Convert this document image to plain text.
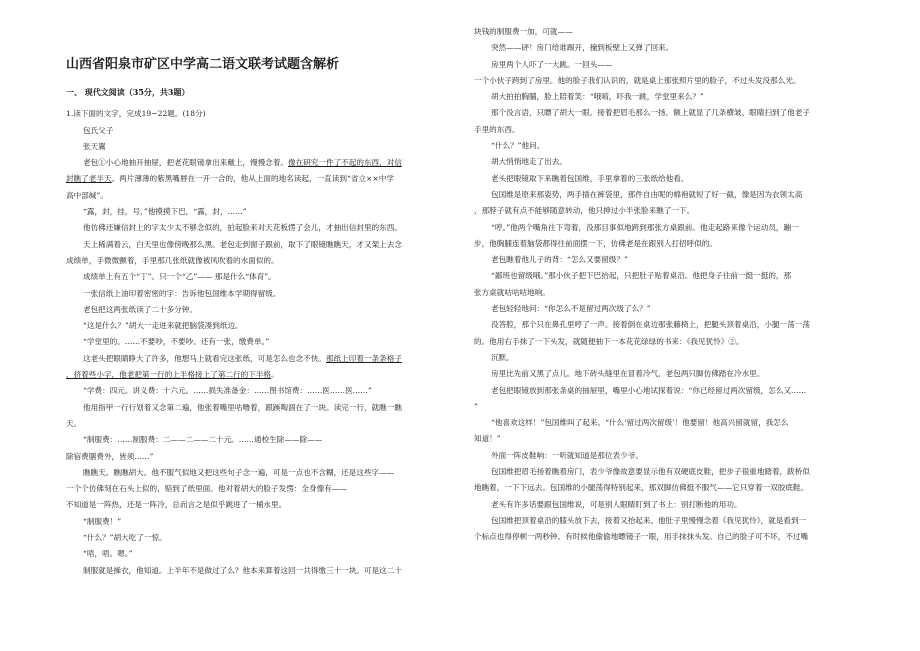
山西省阳泉市矿区中学高二语文联考试题含解析
一、 现代文阅读（35分，共3题）
1.读下面的文字，完成19~22题。(18分)
包氏父子
张天翼
老包①小心地抽开抽屉，把老花眼镜拿出来戴上，慢慢念着。像在研究一件了不起的东西，对信
封瞧了老半天。两片薄薄的紫黑嘴唇在一开一合的，他从上面的地名读起，一直读到“省立××中学
高中部缄”。
“露，封，挂，号，”他摸摸下巴，“露，封，……”
他仿佛还嫌信封上的字太少太不够念似的，拍起脸来对天花板愣了会儿，才抽出信封里的东西。
天上稀满着云，白天里也像傍晚那么黑。老包走到窗子跟前，取下了眼镜瞧瞧天，才又架上去念
成绩单，手微微颤着，手里那几张纸就像被风吹着的水面似的。
成绩单上有五个“丁”。只一个“乙”—— 那是什么“体育”。
一张信纸上油印着密密的字：告诉他包国维本学期得留级。
老包把这两张纸读了二十多分钟。
“这是什么？”胡大一走进来就把脑袋凑到纸边。
“学堂里的。……不要吵，不要吵。还有一张，缴费单。”
这老头把眼睛睁大了许多，他想马上就看完这张纸，可是怎么也念不快。那纸上印着一条条格子
，挤着些小字，他老把第一行的上半格接上了第二行的下半格。
“学费：四元。讲义费：十六元。……损失准备金：……图书馆费：……医……医……”
他用指甲一行行划着又念第二遍，他张着嘴里咕噜着，跟蹊啕涸在了一块。读完一行，就瞧一瞧
天。
“制服费：……制服费：二——二——二十元。……通校生除——除——
除宿费膳费外，皆须……”
瞧瞧天。瞧瞧胡大。他不服气似地又把这些句子念一遍，可是一点也不含糊，还是这些字——
一个个仿佛刻在石头上似的，赔到了纸里面。他对着胡大的脸子发愣：全身像有——
不知道是一阵热，还是一阵冷，总而言之是似乎跳进了一桶水里。
“制服费！”
“什么？”胡大吃了一惊。
“唔，唔。嗯。”
制服就是操衣，他知道。上半年不是做过了么？他本来算着这回一共得缴三十一块。可是这二十
块钱的制服费一加，可就——
突然——砰！房门给谁踢开，撞到板壁上又弹了回来。
房里两个人吓了一大跳。一回头——
一个小伙子跨到了房里。他的脸子我们认识的，就是桌上那张照片里的脸子，不过头发没那么光。
胡大拍拍胸脯，脸上陪着笑：“哦唷，吓我一跳，学堂里来么？”
那个没言语，只瞟了胡大一眼。接着把眉毛那么一扬，额上就显了几条横皱，眼睛扫到了他老子
手里的东西。
“什么？”他问。
胡大悄悄地走了出去。
老头把眼镜取下来瞧着包国维，手里拿着的三张纸给他看。
包国维是原来那姿势，两手插在裤袋里，那件自由呢的棉袍就短了好一截，像是因为衣领太高
，那脖子就有点不能够随意转动，他只抻过小半张脸来瞧了一下。
“哼。”他两个嘴角往下弯着，没那目事似地跨到那张方桌跟前。他走起路来像个运动员，蹦一
步，他胸脯连着脑袋都得往前面摆一下，仿佛老是在跟别人打招呼似的。
老包瞧着他儿子的背：“怎么又要留级？”
“鄙班也留级哦。”那小伙子把下巴抬起，只把肚子贴着桌沿。他把身子往前一挺一挺的，那
张方桌就咕咕咕地响。
老包轻轻地问：“你怎么不是留过两次级了么？”
没答腔，那个只在鼻孔里哼了一声。接着倒在桌边那张藤椅上，把腿头顶着桌沿，小腿一荡一荡
的。他用右手抹了一下头发，就随便抽下一本花花绿绿的书来：《我见犹怜》②。
沉默。
房里比先前又黑了点儿。地下砖头缝里在冒着冷气，老包两只脚仿佛踏在冷水里。
老包把眼镜放到那张条桌的抽屉里，嘴里小心地试探着说：“你已经留过两次留级，怎么又……
”
“他喜欢这样！”包国维叫了起来。“什么‘留过两次留级’！他要留！他高兴留就留，我怎么
知道！”
外面一阵皮鞋响：一听就知道是那位表少爷。
包国维把眉毛扬着瞧着房门，表少爷像故意要显示他有双硬底皮鞋，把步子很重地踏着，跋桥似
地瞧着，一下下远去。包国维的小腿荡得特别起来，那双脚仿佛挺不服气——它只穿着一双胶底鞋。
老头有许多话要跟包国维说，可是别人眼睛盯到了书上：别打断他的用功。
包国维把顶着桌沿的膝头放下去，接着又抬起来。他肚子里慢慢念着《我见犹怜》，就是看到一
个标点也得停顿一两秒钟。有时候他偷偷地瞟镜子一眼，用手抹抹头发。自己的脸子可不坏，不过嘴
